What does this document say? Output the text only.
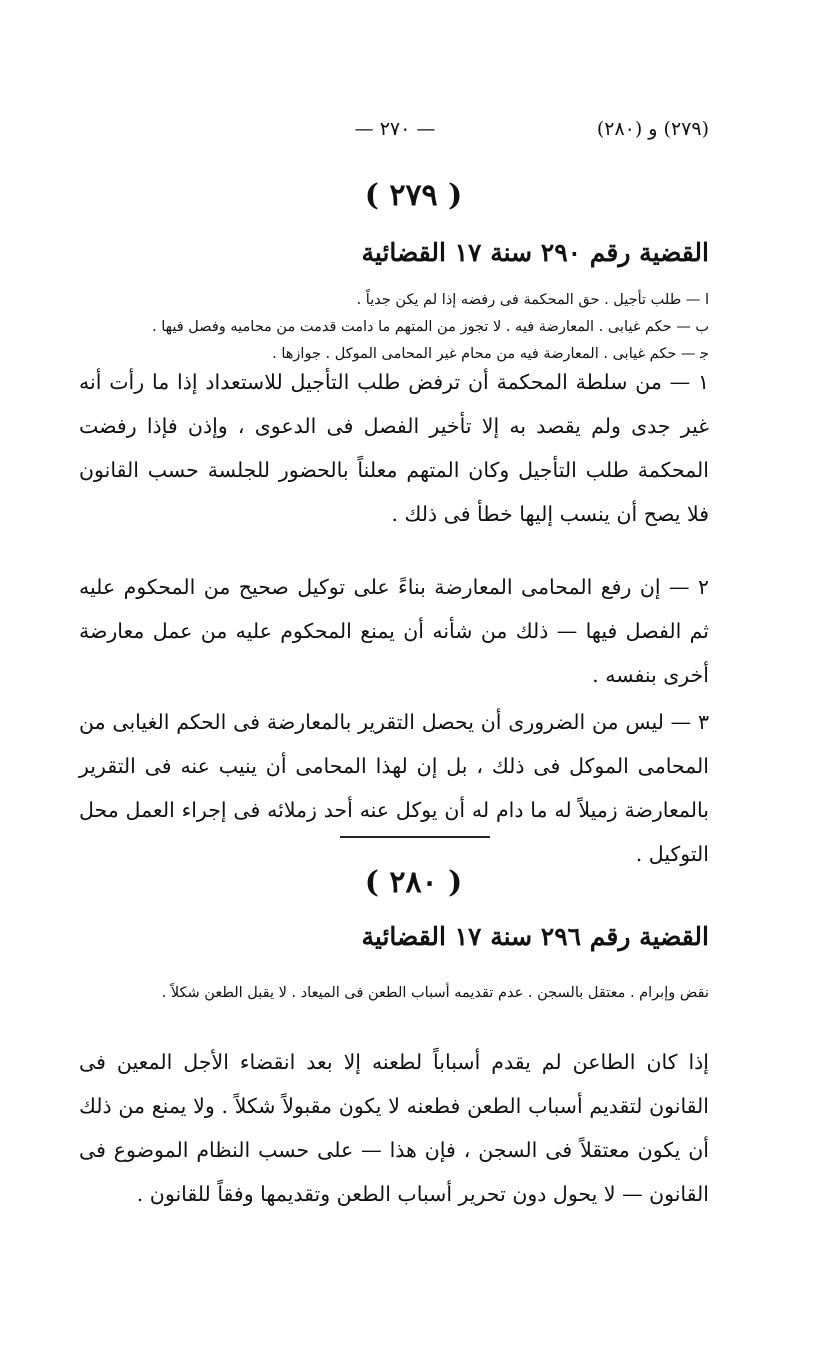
— ٢٧٠ —	(٢٧٩) و (٢٨٠)
( ٢٧٩ )
القضية رقم ٢٩٠ سنة ١٧ القضائية

ا — طلب تأجيل . حق المحكمة فى رفضه إذا لم يكن جدياً .

ب — حكم غيابى . المعارضة فيه . لا تجوز من المتهم ما دامت قدمت من محاميه وفصل فيها .

ﺟ — حكم غيابى . المعارضة فيه من محام غير المحامى الموكل . جوازها .

١ — من سلطة المحكمة أن ترفض طلب التأجيل للاستعداد إذا ما رأت أنه غير جدى ولم يقصد به إلا تأخير الفصل فى الدعوى ، وإذن فإذا رفضت المحكمة طلب التأجيل وكان المتهم معلناً بالحضور للجلسة حسب القانون فلا يصح أن ينسب إليها خطأ فى ذلك .

٢ — إن رفع المحامى المعارضة بناءً على توكيل صحيح من المحكوم عليه ثم الفصل فيها — ذلك من شأنه أن يمنع المحكوم عليه من عمل معارضة أخرى بنفسه .

٣ — ليس من الضرورى أن يحصل التقرير بالمعارضة فى الحكم الغيابى من المحامى الموكل فى ذلك ، بل إن لهذا المحامى أن ينيب عنه فى التقرير بالمعارضة زميلاً له ما دام له أن يوكل عنه أحد زملائه فى إجراء العمل محل التوكيل .

( ٢٨٠ )
القضية رقم ٢٩٦ سنة ١٧ القضائية

نقض وإبرام . معتقل بالسجن . عدم تقديمه أسباب الطعن فى الميعاد . لا يقبل الطعن شكلاً .

إذا كان الطاعن لم يقدم أسباباً لطعنه إلا بعد انقضاء الأجل المعين فى القانون لتقديم أسباب الطعن فطعنه لا يكون مقبولاً شكلاً . ولا يمنع من ذلك أن يكون معتقلاً فى السجن ، فإن هذا — على حسب النظام الموضوع فى القانون — لا يحول دون تحرير أسباب الطعن وتقديمها وفقاً للقانون .
